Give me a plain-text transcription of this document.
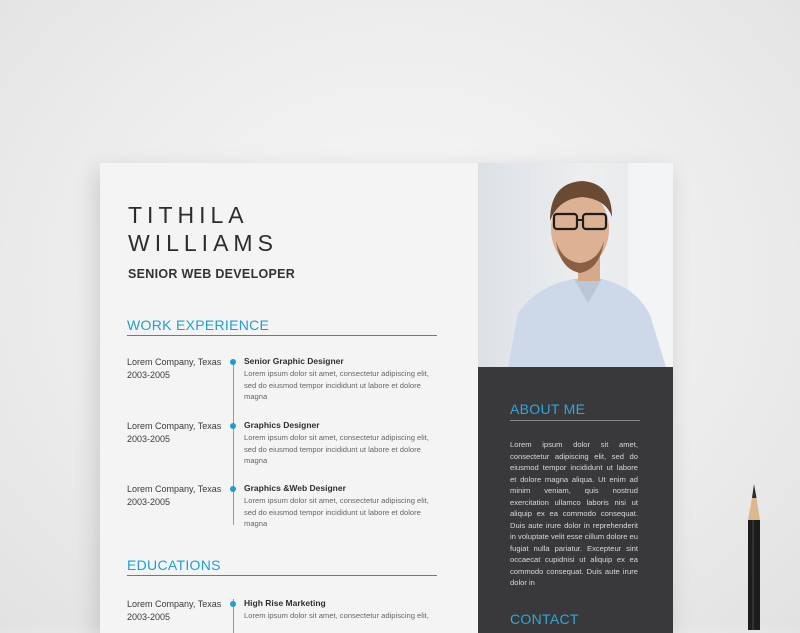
TITHILA
WILLIAMS

SENIOR WEB DEVELOPER

WORK EXPERIENCE
Lorem Company, Texas
2003-2005
Senior Graphic Designer
Lorem ipsum dolor sit amet, consectetur adipiscing elit, sed do eiusmod tempor incididunt ut labore et dolore magna
Lorem Company, Texas
2003-2005
Graphics Designer
Lorem ipsum dolor sit amet, consectetur adipiscing elit, sed do eiusmod tempor incididunt ut labore et dolore magna
Lorem Company, Texas
2003-2005
Graphics &Web Designer
Lorem ipsum dolor sit amet, consectetur adipiscing elit, sed do eiusmod tempor incididunt ut labore et dolore magna
EDUCATIONS
Lorem Company, Texas
2003-2005
High Rise Marketing
Lorem ipsum dolor sit amet, consectetur adipiscing elit,
ABOUT ME

Lorem ipsum dolor sit amet, consectetur adipiscing elit, sed do eiusmod tempor incididunt ut labore et dolore magna aliqua. Ut enim ad minim veniam, quis nostrud exercitation ullamco laboris nisi ut aliquip ex ea commodo consequat. Duis aute irure dolor in reprehenderit in voluptate velit esse cillum dolore eu fugiat nulla pariatur. Excepteur sint occaecat cupidnisi ut aliquip ex ea commodo consequat. Duis aute irure dolor in

CONTACT
